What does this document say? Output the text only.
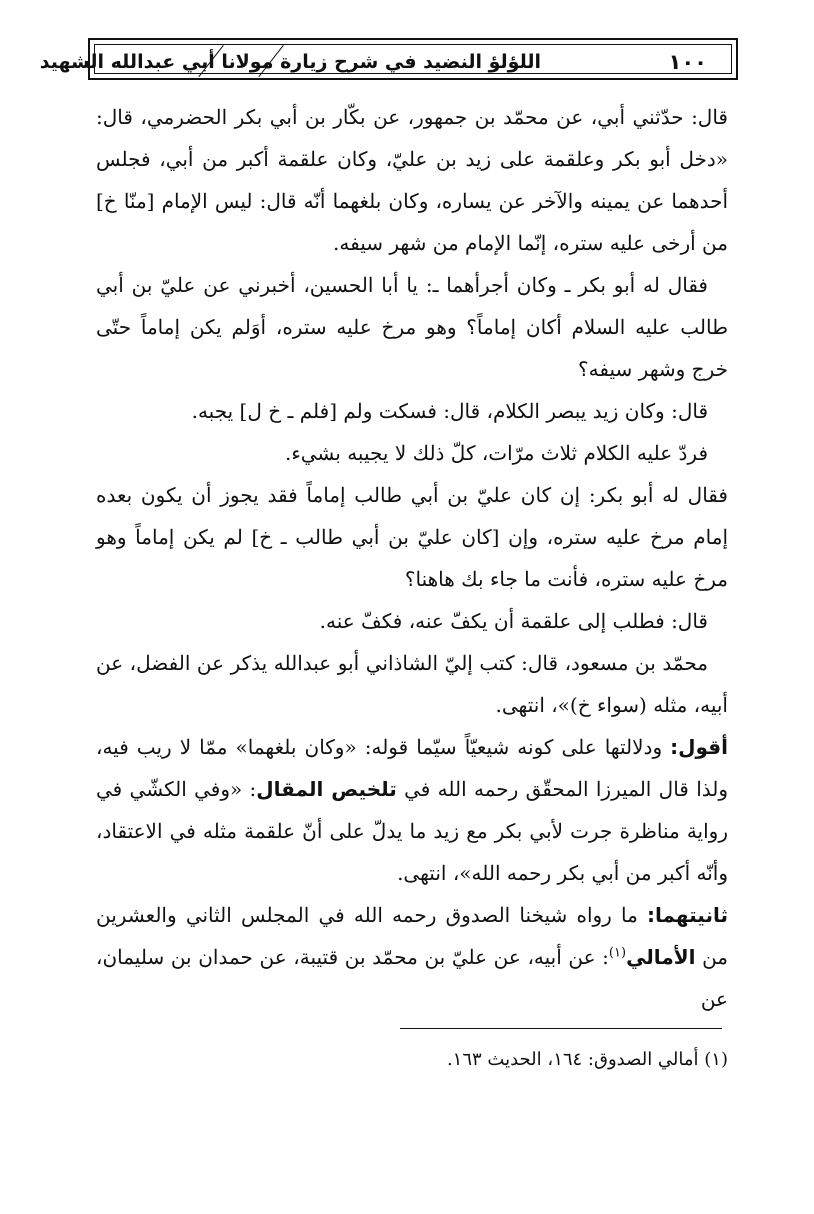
اللؤلؤ النضيد في شرح زيارة مولانا أبي عبدالله الشهيد	١٠٠

قال: حدّثني أبي، عن محمّد بن جمهور، عن بكّار بن أبي بكر الحضرمي، قال: «دخل أبو بكر وعلقمة على زيد بن عليّ، وكان علقمة أكبر من أبي، فجلس أحدهما عن يمينه والآخر عن يساره، وكان بلغهما أنّه قال: ليس الإمام [منّا خ] من أرخى عليه ستره، إنّما الإمام من شهر سيفه.

فقال له أبو بكر ـ وكان أجرأهما ـ: يا أبا الحسين، أخبرني عن عليّ بن أبي طالب عليه السلام أكان إماماً؟ وهو مرخ عليه ستره، أوَلم يكن إماماً حتّى خرج وشهر سيفه؟

قال: وكان زيد يبصر الكلام، قال: فسكت ولم [فلم ـ خ ل] يجبه.

فردّ عليه الكلام ثلاث مرّات، كلّ ذلك لا يجيبه بشيء.

فقال له أبو بكر: إن كان عليّ بن أبي طالب إماماً فقد يجوز أن يكون بعده إمام مرخ عليه ستره، وإن [كان عليّ بن أبي طالب ـ خ] لم يكن إماماً وهو مرخ عليه ستره، فأنت ما جاء بك هاهنا؟

قال: فطلب إلى علقمة أن يكفّ عنه، فكفّ عنه.

محمّد بن مسعود، قال: كتب إليّ الشاذاني أبو عبدالله يذكر عن الفضل، عن أبيه، مثله (سواء خ)»، انتهى.

أقول: ودلالتها على كونه شيعيّاً سيّما قوله: «وكان بلغهما» ممّا لا ريب فيه، ولذا قال الميرزا المحقّق رحمه الله في تلخيص المقال: «وفي الكشّي في رواية مناظرة جرت لأبي بكر مع زيد ما يدلّ على أنّ علقمة مثله في الاعتقاد، وأنّه أكبر من أبي بكر رحمه الله»، انتهى.

ثانيتهما: ما رواه شيخنا الصدوق رحمه الله في المجلس الثاني والعشرين من الأمالي$^{(١)}$: عن أبيه، عن عليّ بن محمّد بن قتيبة، عن حمدان بن سليمان، عن

(١) أمالي الصدوق: ١٦٤، الحديث ١٦٣.
